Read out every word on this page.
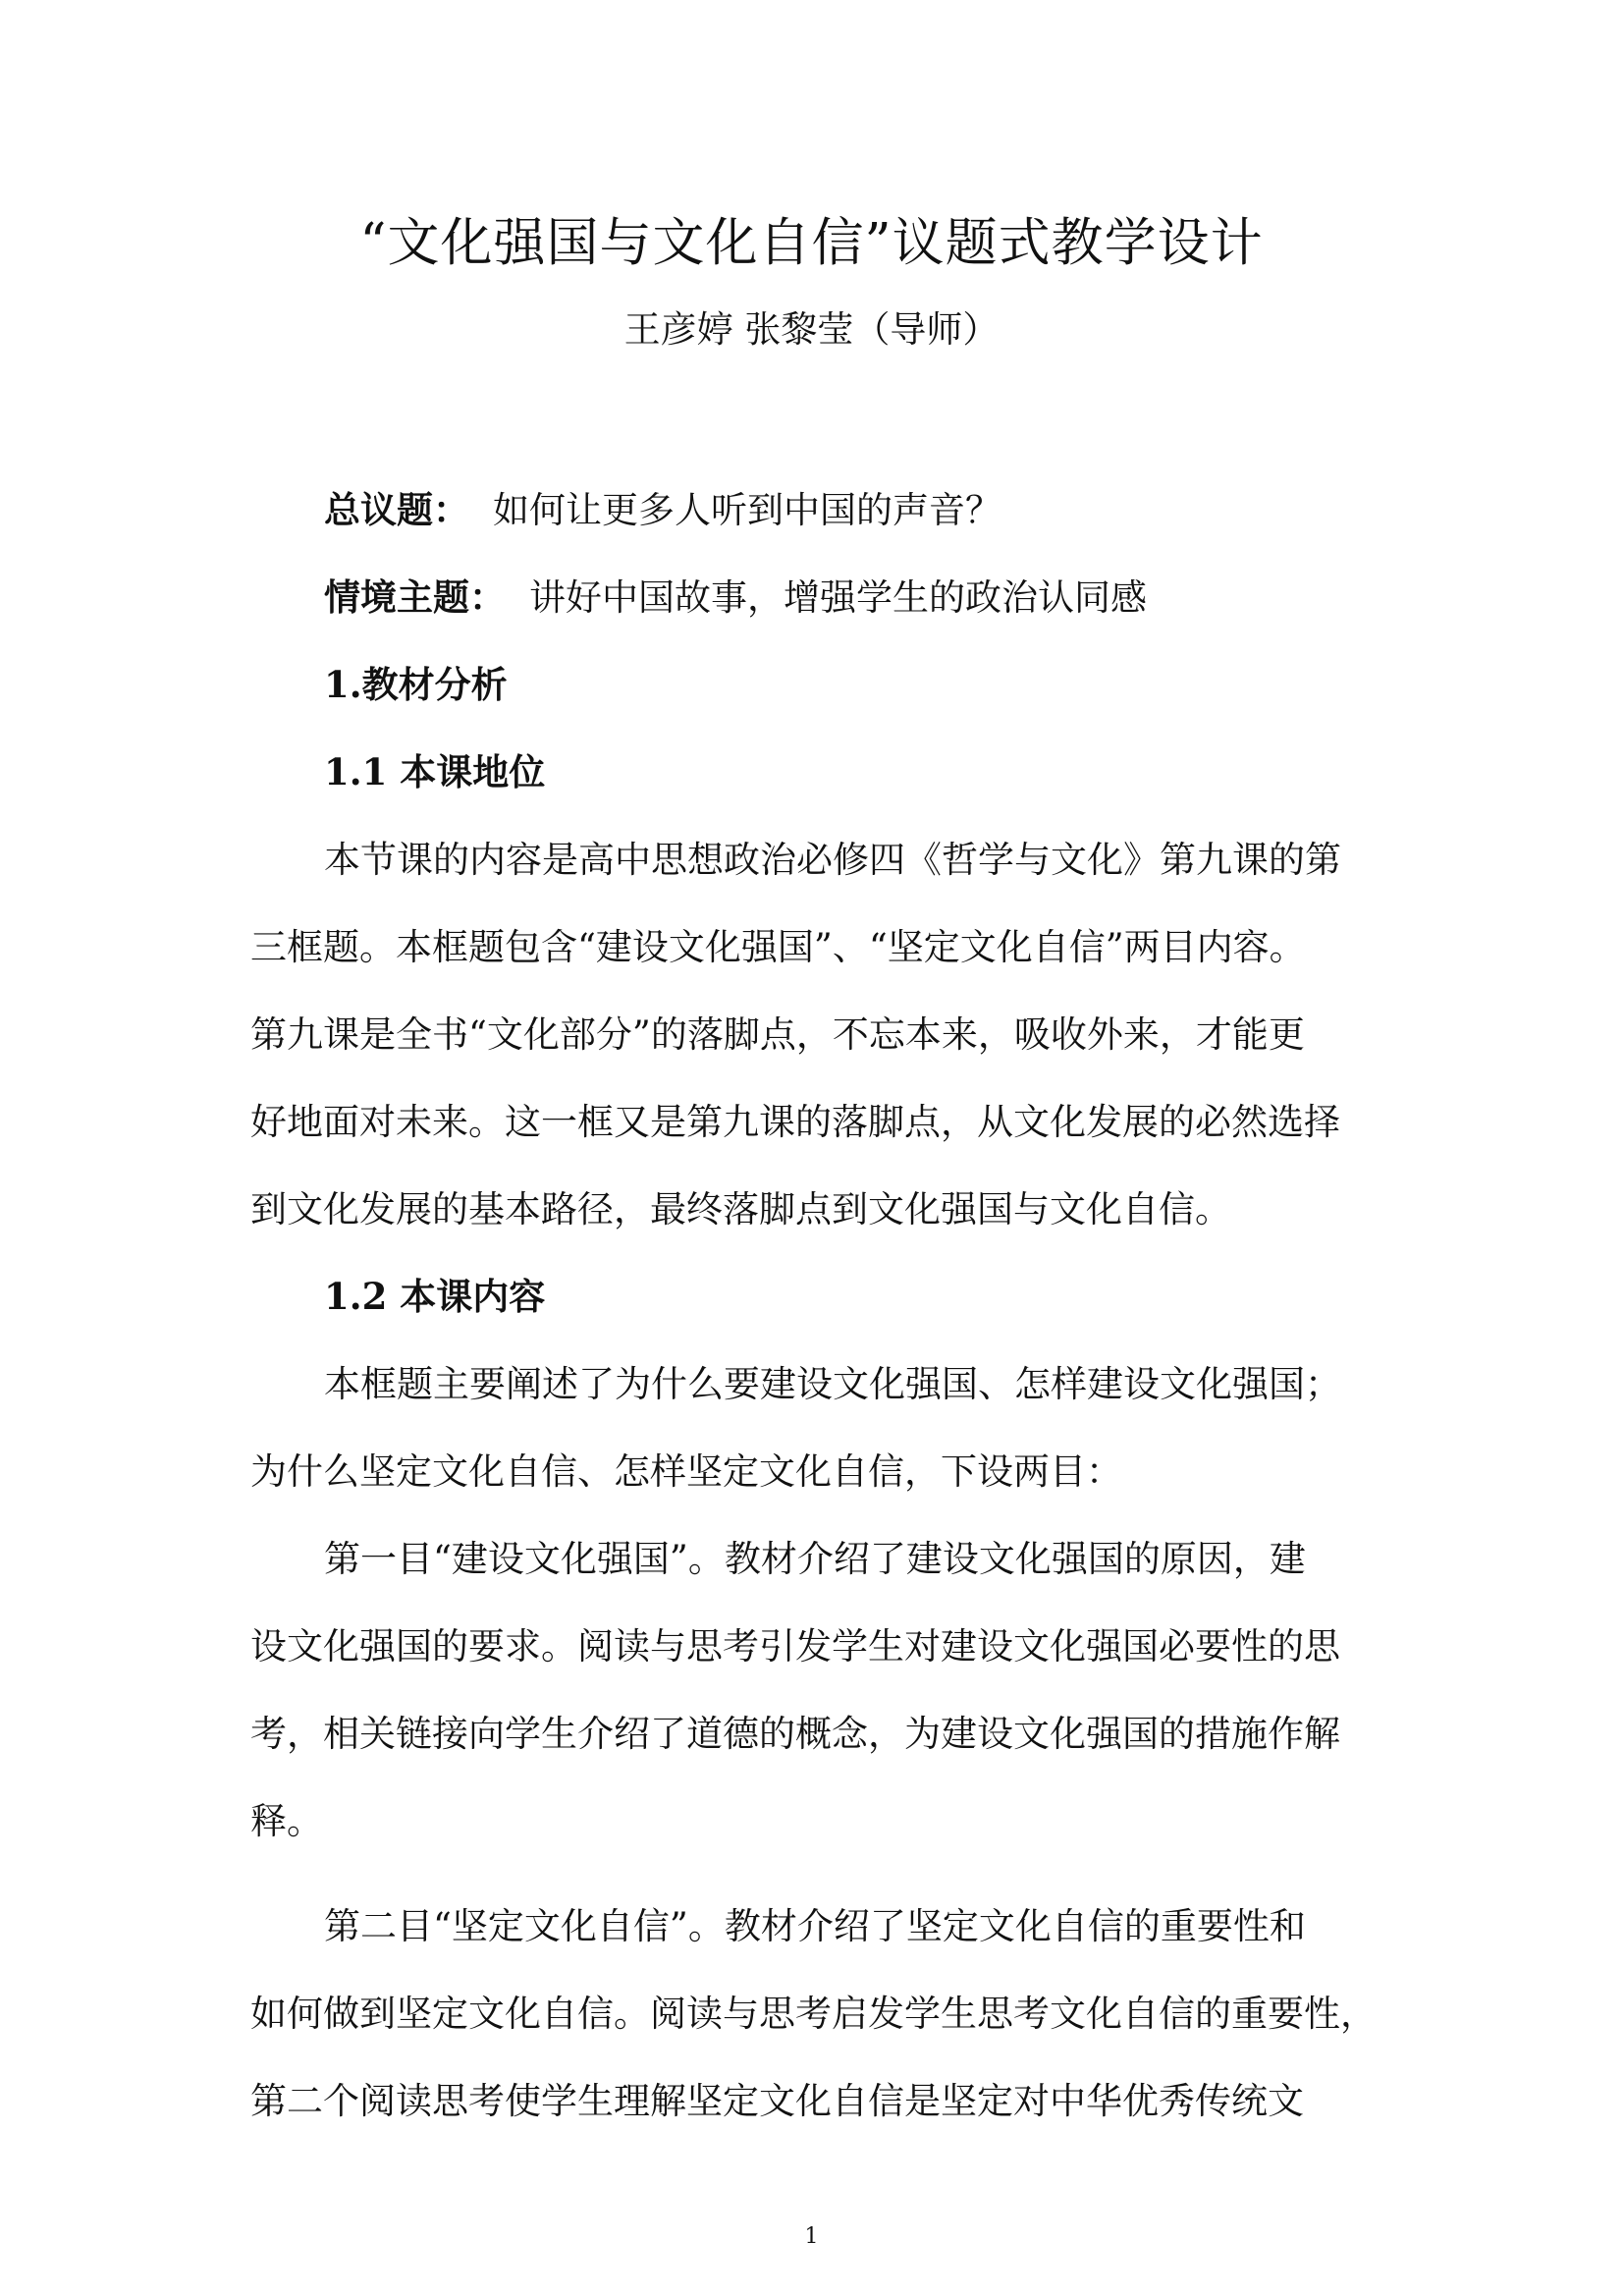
“文化强国与文化自信”议题式教学设计
王彦婷 张黎莹（导师）
总议题： 如何让更多人听到中国的声音？
情境主题： 讲好中国故事，增强学生的政治认同感
1.教材分析
1.1 本课地位
本节课的内容是高中思想政治必修四《哲学与文化》第九课的第
三框题。本框题包含“建设文化强国”、“坚定文化自信”两目内容。
第九课是全书“文化部分”的落脚点，不忘本来，吸收外来，才能更
好地面对未来。这一框又是第九课的落脚点，从文化发展的必然选择
到文化发展的基本路径，最终落脚点到文化强国与文化自信。
1.2 本课内容
本框题主要阐述了为什么要建设文化强国、怎样建设文化强国；
为什么坚定文化自信、怎样坚定文化自信，下设两目：
第一目“建设文化强国”。教材介绍了建设文化强国的原因，建
设文化强国的要求。阅读与思考引发学生对建设文化强国必要性的思
考，相关链接向学生介绍了道德的概念，为建设文化强国的措施作解
释。
第二目“坚定文化自信”。教材介绍了坚定文化自信的重要性和
如何做到坚定文化自信。阅读与思考启发学生思考文化自信的重要性，
第二个阅读思考使学生理解坚定文化自信是坚定对中华优秀传统文
1
